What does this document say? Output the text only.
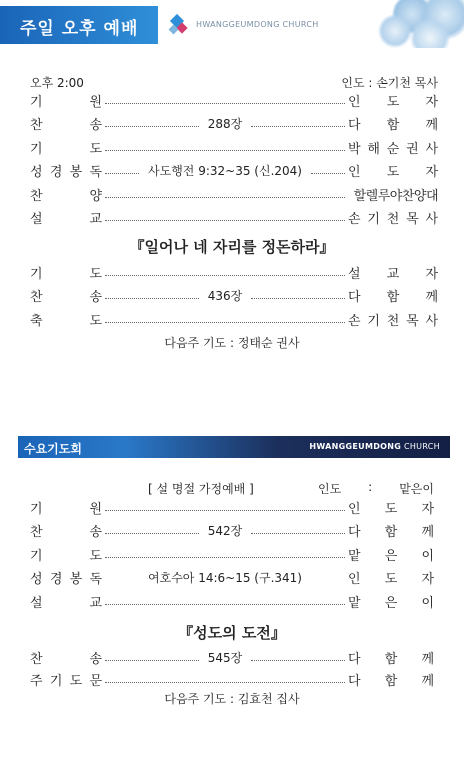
주일 오후 예배	HWANGGEUMDONG CHURCH
오후 2:00	인도 : 손기천 목사
기	원	인 도 자
찬	송	288장	다 함 께
기	도	박 해 순 권 사
성 경 봉 독	사도행전 9:32~35 (신.204)	인 도 자
찬	양	할렐루야찬양대
설	교	손 기 천 목 사
『일어나 네 자리를 정돈하라』
기	도	설 교 자
찬	송	436장	다 함 께
축	도	손 기 천 목 사
다음주 기도 : 정태순 권사
수요기도회	HWANGGEUMDONG CHURCH
[ 설 명절 가정예배 ]	인도 : 맡은이
기	원	인 도 자
찬	송	542장	다 함 께
기	도	맡 은 이
성 경 봉 독	여호수아 14:6~15 (구.341)	인 도 자
설	교	맡 은 이
『성도의 도전』
찬	송	545장	다 함 께
주 기 도 문	다 함 께
다음주 기도 : 김효천 집사
